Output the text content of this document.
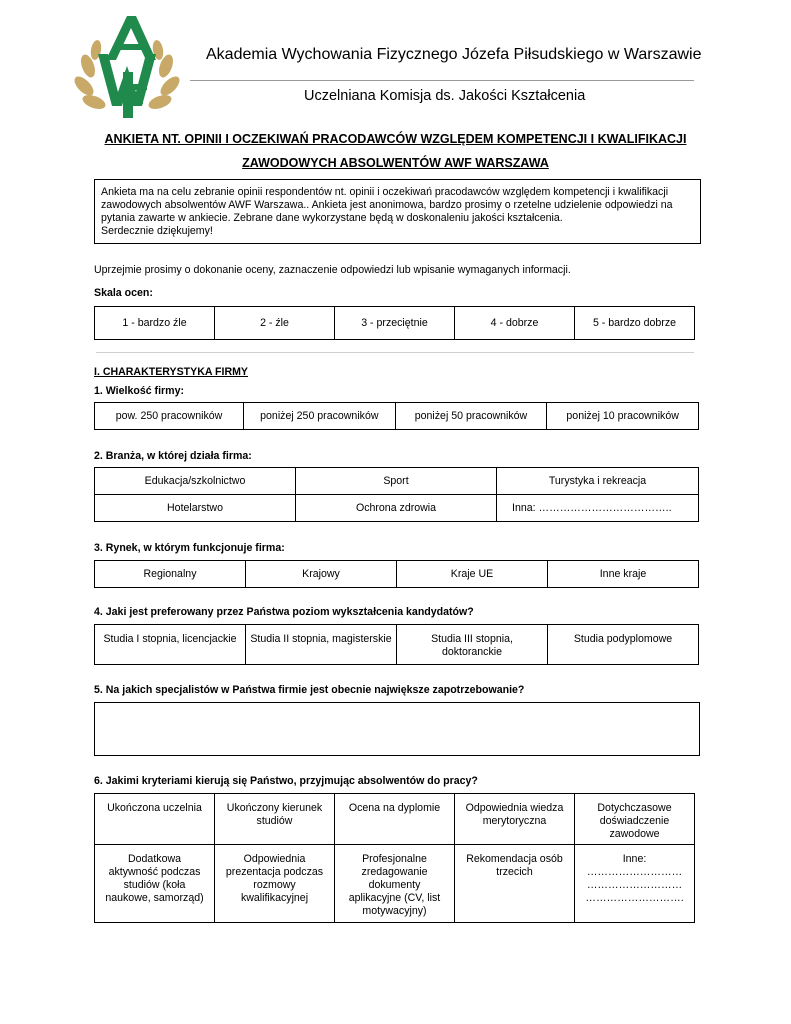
Akademia Wychowania Fizycznego Józefa Piłsudskiego w Warszawie
Uczelniana Komisja ds. Jakości Kształcenia
ANKIETA NT. OPINII I OCZEKIWAŃ PRACODAWCÓW WZGLĘDEM KOMPETENCJI I KWALIFIKACJI
ZAWODOWYCH ABSOLWENTÓW AWF WARSZAWA
Ankieta ma na celu zebranie opinii respondentów nt. opinii i oczekiwań pracodawców względem kompetencji i kwalifikacji
zawodowych absolwentów AWF Warszawa.. Ankieta jest anonimowa, bardzo prosimy o rzetelne udzielenie odpowiedzi na
pytania zawarte w ankiecie. Zebrane dane wykorzystane będą w doskonaleniu jakości kształcenia.
Serdecznie dziękujemy!
Uprzejmie prosimy o dokonanie oceny, zaznaczenie odpowiedzi lub wpisanie wymaganych informacji.
Skala ocen:
1 - bardzo źle	2 - źle	3 - przeciętnie	4 - dobrze	5 - bardzo dobrze
I. CHARAKTERYSTYKA FIRMY
1. Wielkość firmy:
pow. 250 pracowników	poniżej 250 pracowników	poniżej 50 pracowników	poniżej 10 pracowników
2. Branża, w której działa firma:
Edukacja/szkolnictwo	Sport	Turystyka i rekreacja
Hotelarstwo	Ochrona zdrowia	Inna: ………………………………..
3. Rynek, w którym funkcjonuje firma:
Regionalny	Krajowy	Kraje UE	Inne kraje
4. Jaki jest preferowany przez Państwa poziom wykształcenia kandydatów?
Studia I stopnia, licencjackie	Studia II stopnia, magisterskie	Studia III stopnia, doktoranckie	Studia podyplomowe
5. Na jakich specjalistów w Państwa firmie jest obecnie największe zapotrzebowanie?
6. Jakimi kryteriami kierują się Państwo, przyjmując absolwentów do pracy?
Ukończona uczelnia	Ukończony kierunek studiów	Ocena na dyplomie	Odpowiednia wiedza merytoryczna	Dotychczasowe doświadczenie zawodowe
Dodatkowa aktywność podczas studiów (koła naukowe, samorząd)	Odpowiednia prezentacja podczas rozmowy kwalifikacyjnej	Profesjonalne zredagowanie dokumenty aplikacyjne (CV, list motywacyjny)	Rekomendacja osób trzecich	Inne:
………………………
………………………
……………………….
